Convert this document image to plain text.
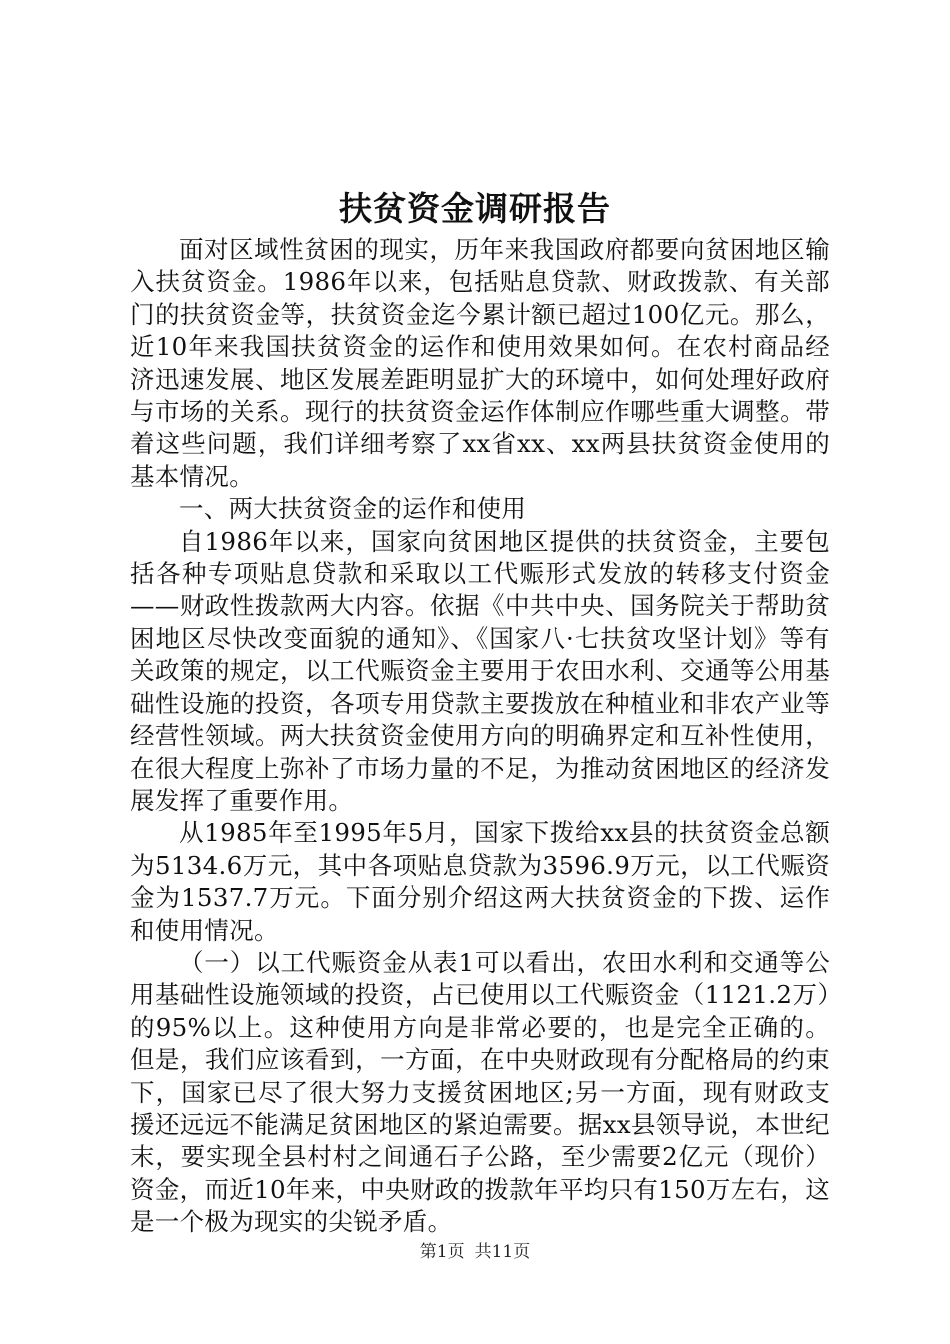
扶贫资金调研报告

面对区域性贫困的现实，历年来我国政府都要向贫困地区输入扶贫资金。1986年以来，包括贴息贷款、财政拨款、有关部门的扶贫资金等，扶贫资金迄今累计额已超过100亿元。那么，近10年来我国扶贫资金的运作和使用效果如何。在农村商品经济迅速发展、地区发展差距明显扩大的环境中，如何处理好政府与市场的关系。现行的扶贫资金运作体制应作哪些重大调整。带着这些问题，我们详细考察了xx省xx、xx两县扶贫资金使用的基本情况。

一、两大扶贫资金的运作和使用

自1986年以来，国家向贫困地区提供的扶贫资金，主要包括各种专项贴息贷款和采取以工代赈形式发放的转移支付资金——财政性拨款两大内容。依据《中共中央、国务院关于帮助贫困地区尽快改变面貌的通知》、《国家八·七扶贫攻坚计划》等有关政策的规定，以工代赈资金主要用于农田水利、交通等公用基础性设施的投资，各项专用贷款主要拨放在种植业和非农产业等经营性领域。两大扶贫资金使用方向的明确界定和互补性使用，在很大程度上弥补了市场力量的不足，为推动贫困地区的经济发展发挥了重要作用。

从1985年至1995年5月，国家下拨给xx县的扶贫资金总额为5134.6万元，其中各项贴息贷款为3596.9万元，以工代赈资金为1537.7万元。下面分别介绍这两大扶贫资金的下拨、运作和使用情况。

（一）以工代赈资金从表1可以看出，农田水利和交通等公用基础性设施领域的投资，占已使用以工代赈资金（1121.2万）的95%以上。这种使用方向是非常必要的，也是完全正确的。但是，我们应该看到，一方面，在中央财政现有分配格局的约束下，国家已尽了很大努力支援贫困地区;另一方面，现有财政支援还远远不能满足贫困地区的紧迫需要。据xx县领导说，本世纪末，要实现全县村村之间通石子公路，至少需要2亿元（现价）资金，而近10年来，中央财政的拨款年平均只有150万左右，这是一个极为现实的尖锐矛盾。

第1页 共11页
